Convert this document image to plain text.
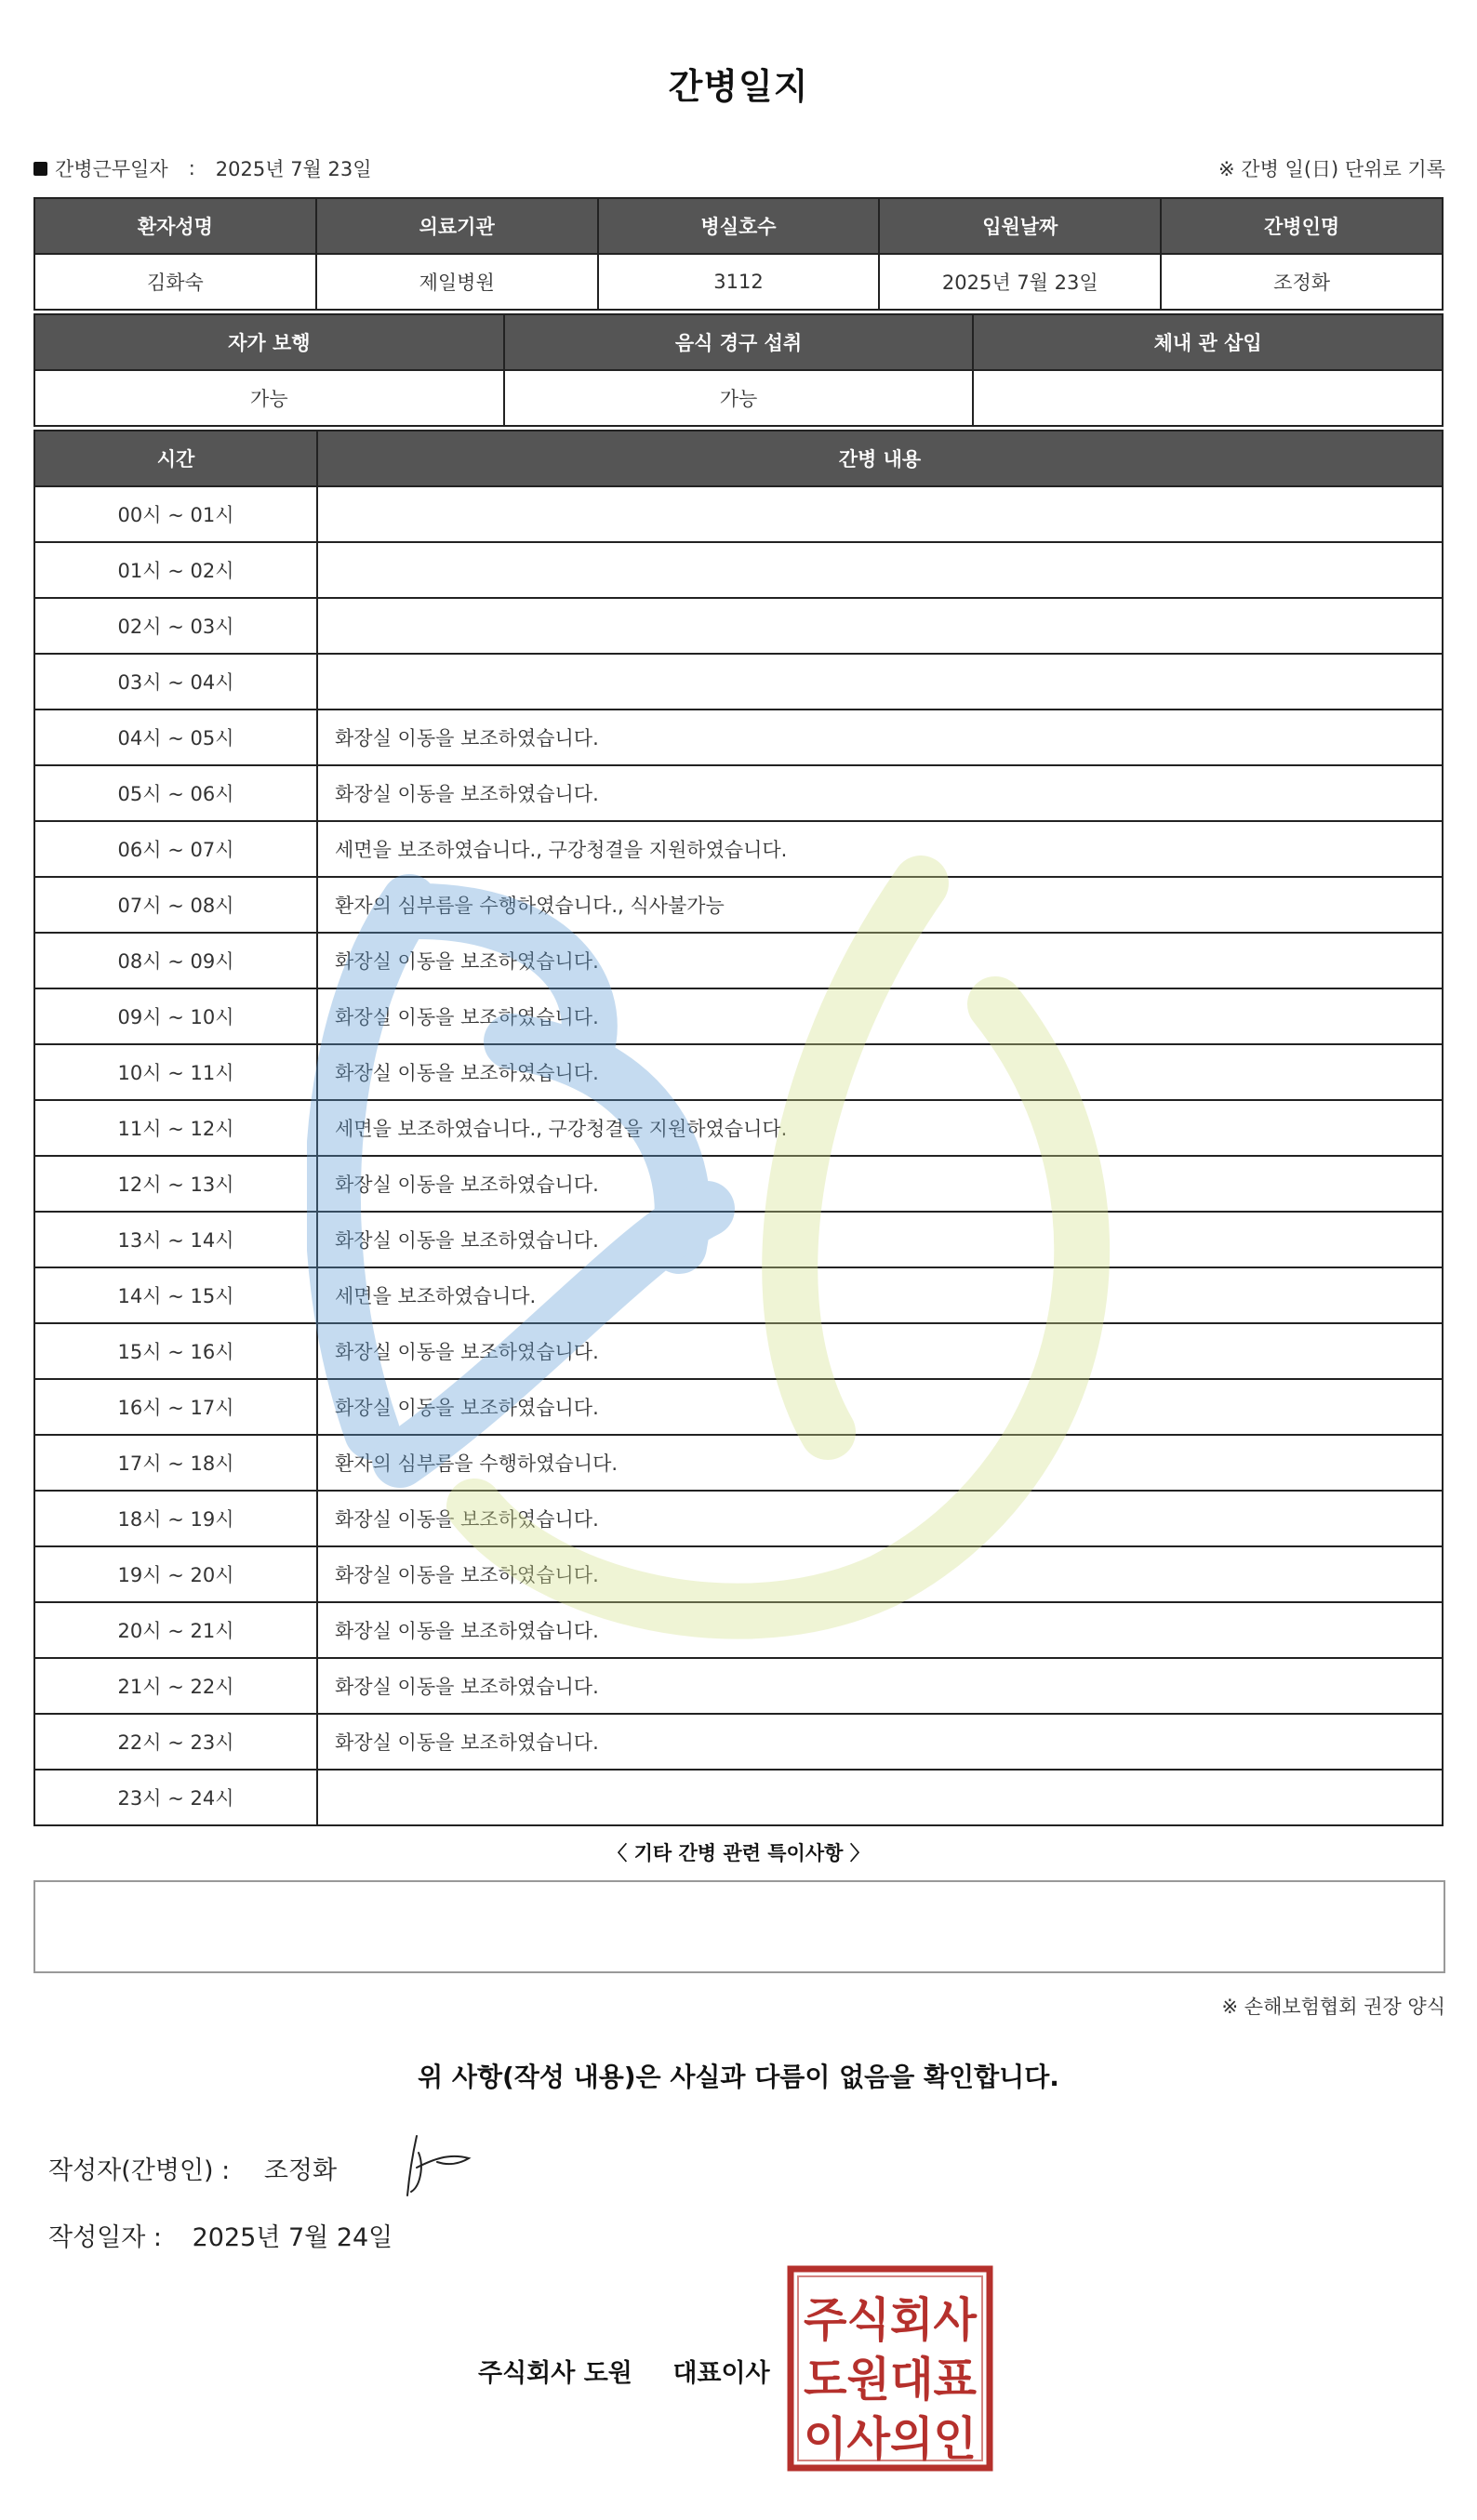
간병일지
간병근무일자 : 2025년 7월 23일	※ 간병 일(日) 단위로 기록
환자성명	의료기관	병실호수	입원날짜	간병인명
김화숙	제일병원	3112	2025년 7월 23일	조정화
자가 보행	음식 경구 섭취	체내 관 삽입
가능	가능	
시간	간병 내용
00시 ~ 01시	
01시 ~ 02시	
02시 ~ 03시	
03시 ~ 04시	
04시 ~ 05시	화장실 이동을 보조하였습니다.
05시 ~ 06시	화장실 이동을 보조하였습니다.
06시 ~ 07시	세면을 보조하였습니다., 구강청결을 지원하였습니다.
07시 ~ 08시	환자의 심부름을 수행하였습니다., 식사불가능
08시 ~ 09시	화장실 이동을 보조하였습니다.
09시 ~ 10시	화장실 이동을 보조하였습니다.
10시 ~ 11시	화장실 이동을 보조하였습니다.
11시 ~ 12시	세면을 보조하였습니다., 구강청결을 지원하였습니다.
12시 ~ 13시	화장실 이동을 보조하였습니다.
13시 ~ 14시	화장실 이동을 보조하였습니다.
14시 ~ 15시	세면을 보조하였습니다.
15시 ~ 16시	화장실 이동을 보조하였습니다.
16시 ~ 17시	화장실 이동을 보조하였습니다.
17시 ~ 18시	환자의 심부름을 수행하였습니다.
18시 ~ 19시	화장실 이동을 보조하였습니다.
19시 ~ 20시	화장실 이동을 보조하였습니다.
20시 ~ 21시	화장실 이동을 보조하였습니다.
21시 ~ 22시	화장실 이동을 보조하였습니다.
22시 ~ 23시	화장실 이동을 보조하였습니다.
23시 ~ 24시	
〈 기타 간병 관련 특이사항 〉
※ 손해보험협회 권장 양식
위 사항(작성 내용)은 사실과 다름이 없음을 확인합니다.
작성자(간병인) : 조정화
작성일자 : 2025년 7월 24일
주식회사 도원 대표이사
주식회사
도원대표
이사의인
